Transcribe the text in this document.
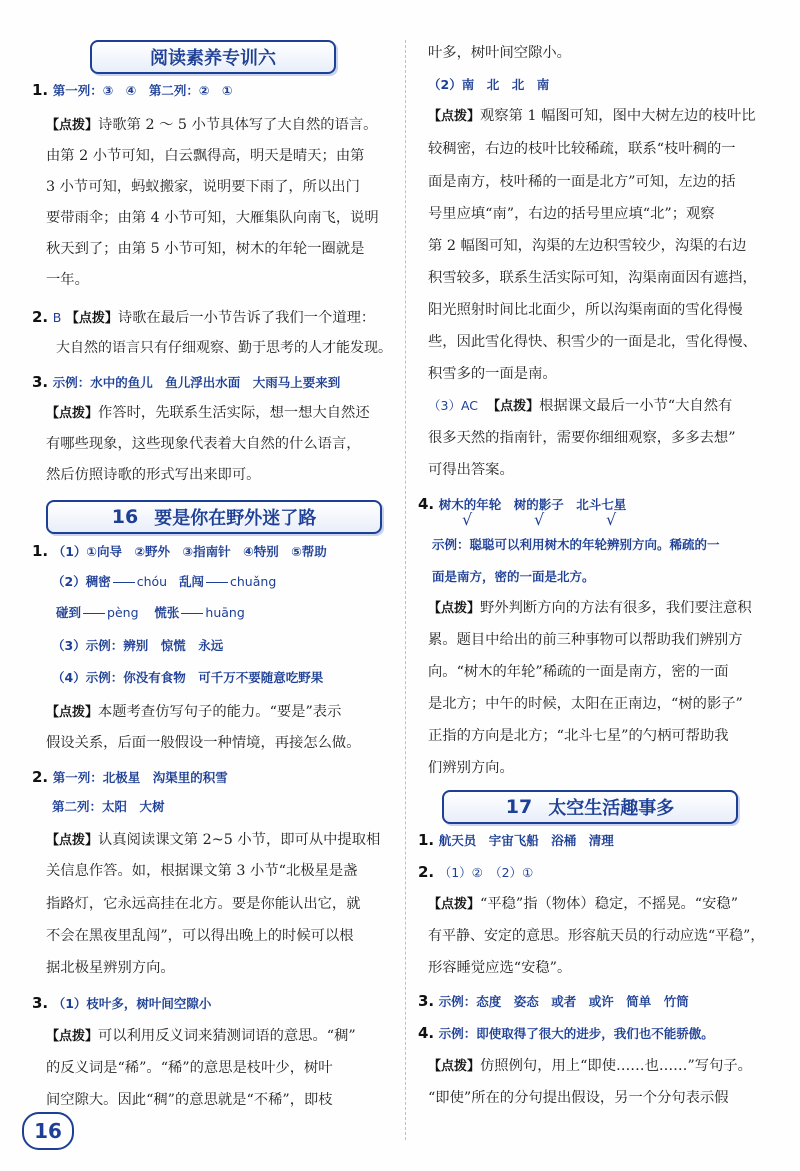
阅读素养专训六
16 要是你在野外迷了路
17 太空生活趣事多
1. 第一列：③　④　第二列：②　①
【点拨】诗歌第 2 ～ 5 小节具体写了大自然的语言。
由第 2 小节可知，白云飘得高，明天是晴天；由第
3 小节可知，蚂蚁搬家，说明要下雨了，所以出门
要带雨伞；由第 4 小节可知，大雁集队向南飞，说明
秋天到了；由第 5 小节可知，树木的年轮一圈就是
一年。
2. B 【点拨】诗歌在最后一小节告诉了我们一个道理：
大自然的语言只有仔细观察、勤于思考的人才能发现。
3. 示例：水中的鱼儿　鱼儿浮出水面　大雨马上要来到
【点拨】作答时，先联系生活实际，想一想大自然还
有哪些现象，这些现象代表着大自然的什么语言，
然后仿照诗歌的形式写出来即可。
1. （1）①向导　②野外　③指南针　④特别　⑤帮助
（2）稠密 chóu 乱闯 chuǎng
碰到 pèng 慌张 huāng
（3）示例：辨别　惊慌　永远
（4）示例：你没有食物　可千万不要随意吃野果
【点拨】本题考查仿写句子的能力。“要是”表示
假设关系，后面一般假设一种情境，再接怎么做。
2. 第一列：北极星　沟渠里的积雪
第二列：太阳　大树
【点拨】认真阅读课文第 2~5 小节，即可从中提取相
关信息作答。如，根据课文第 3 小节“北极星是盏
指路灯，它永远高挂在北方。要是你能认出它，就
不会在黑夜里乱闯”，可以得出晚上的时候可以根
据北极星辨别方向。
3. （1）枝叶多，树叶间空隙小
【点拨】可以利用反义词来猜测词语的意思。“稠”
的反义词是“稀”。“稀”的意思是枝叶少，树叶
间空隙大。因此“稠”的意思就是“不稀”，即枝
叶多，树叶间空隙小。
（2）南　北　北　南
【点拨】观察第 1 幅图可知，图中大树左边的枝叶比
较稠密，右边的枝叶比较稀疏，联系“枝叶稠的一
面是南方，枝叶稀的一面是北方”可知，左边的括
号里应填“南”，右边的括号里应填“北”；观察
第 2 幅图可知，沟渠的左边积雪较少，沟渠的右边
积雪较多，联系生活实际可知，沟渠南面因有遮挡，
阳光照射时间比北面少，所以沟渠南面的雪化得慢
些，因此雪化得快、积雪少的一面是北，雪化得慢、
积雪多的一面是南。
（3）AC 【点拨】根据课文最后一小节“大自然有
很多天然的指南针，需要你细细观察，多多去想”
可得出答案。
4. 树木的年轮　树的影子　北斗七星
√	√	√
示例：聪聪可以利用树木的年轮辨别方向。稀疏的一
面是南方，密的一面是北方。
【点拨】野外判断方向的方法有很多，我们要注意积
累。题目中给出的前三种事物可以帮助我们辨别方
向。“树木的年轮”稀疏的一面是南方，密的一面
是北方；中午的时候，太阳在正南边，“树的影子”
正指的方向是北方；“北斗七星”的勺柄可帮助我
们辨别方向。
1. 航天员　宇宙飞船　浴桶　清理
2. （1）②　（2）①
【点拨】“平稳”指（物体）稳定，不摇晃。“安稳”
有平静、安定的意思。形容航天员的行动应选“平稳”，
形容睡觉应选“安稳”。
3. 示例：态度　姿态　或者　或许　简单　竹筒
4. 示例：即使取得了很大的进步，我们也不能骄傲。
【点拨】仿照例句，用上“即使……也……”写句子。
“即使”所在的分句提出假设，另一个分句表示假
16
